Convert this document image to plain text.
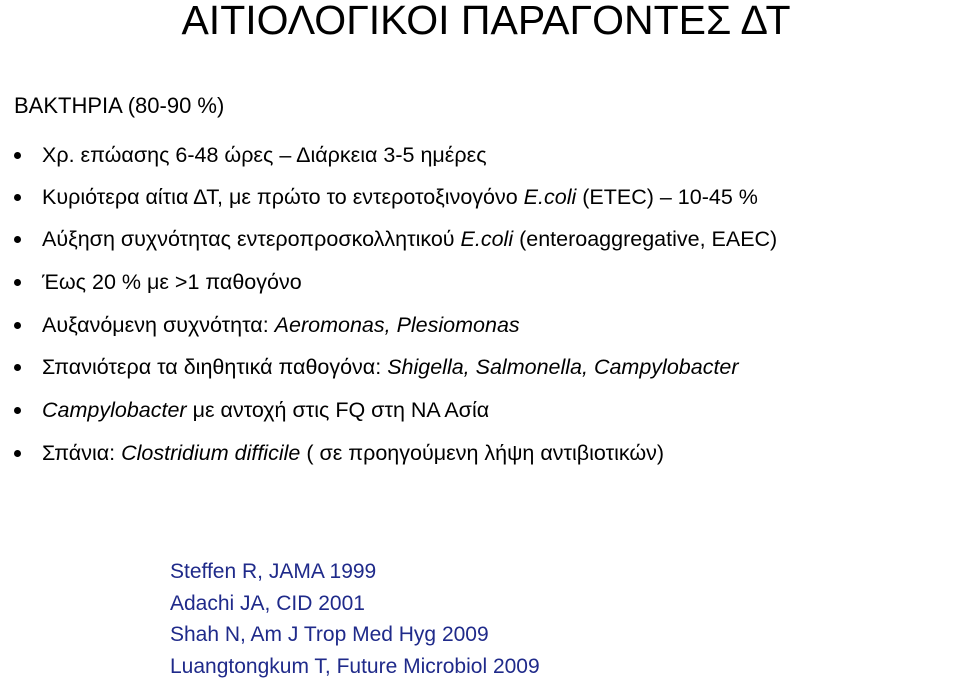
ΑΙΤΙΟΛΟΓΙΚΟΙ ΠΑΡΑΓΟΝΤΕΣ ΔΤ
ΒΑΚΤΗΡΙΑ (80-90 %)
Χρ. επώασης 6-48 ώρες – Διάρκεια 3-5 ημέρες
Κυριότερα αίτια ΔΤ, με πρώτο το εντεροτοξινογόνο E.coli (ETEC) – 10-45 %
Αύξηση συχνότητας εντεροπροσκολλητικού E.coli (enteroaggregative, EAEC)
Έως 20 % με >1 παθογόνο
Αυξανόμενη συχνότητα: Aeromonas, Plesiomonas
Σπανιότερα τα διηθητικά παθογόνα: Shigella, Salmonella, Campylobacter
Campylobacter με αντοχή στις FQ στη ΝΑ Ασία
Σπάνια: Clostridium difficile ( σε προηγούμενη λήψη αντιβιοτικών)
Steffen R, JAMA 1999
Adachi JA, CID 2001
Shah N, Am J Trop Med Hyg 2009
Luangtongkum T, Future Microbiol 2009
